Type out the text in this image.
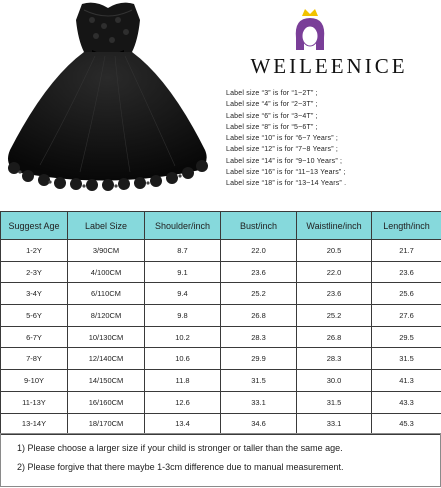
WEILEENICE
Label size “3” is for “1~2T” ;
Label size “4” is for “2~3T” ;
Label size “6” is for “3~4T” ;
Label size “8” is for “5~6T” ;
Label size “10” is for “6~7 Years” ;
Label size “12” is for “7~8 Years” ;
Label size “14” is for “9~10 Years” ;
Label size “16” is for “11~13 Years” ;
Label size “18” is for “13~14 Years” .
Suggest Age	Label Size	Shoulder/inch	Bust/inch	Waistline/inch	Length/inch
1-2Y	3/90CM	8.7	22.0	20.5	21.7
2-3Y	4/100CM	9.1	23.6	22.0	23.6
3-4Y	6/110CM	9.4	25.2	23.6	25.6
5-6Y	8/120CM	9.8	26.8	25.2	27.6
6-7Y	10/130CM	10.2	28.3	26.8	29.5
7-8Y	12/140CM	10.6	29.9	28.3	31.5
9-10Y	14/150CM	11.8	31.5	30.0	41.3
11-13Y	16/160CM	12.6	33.1	31.5	43.3
13-14Y	18/170CM	13.4	34.6	33.1	45.3

1) Please choose a larger size if your child is stronger or taller than the same age.

2) Please forgive that there maybe 1-3cm difference due to manual measurement.
